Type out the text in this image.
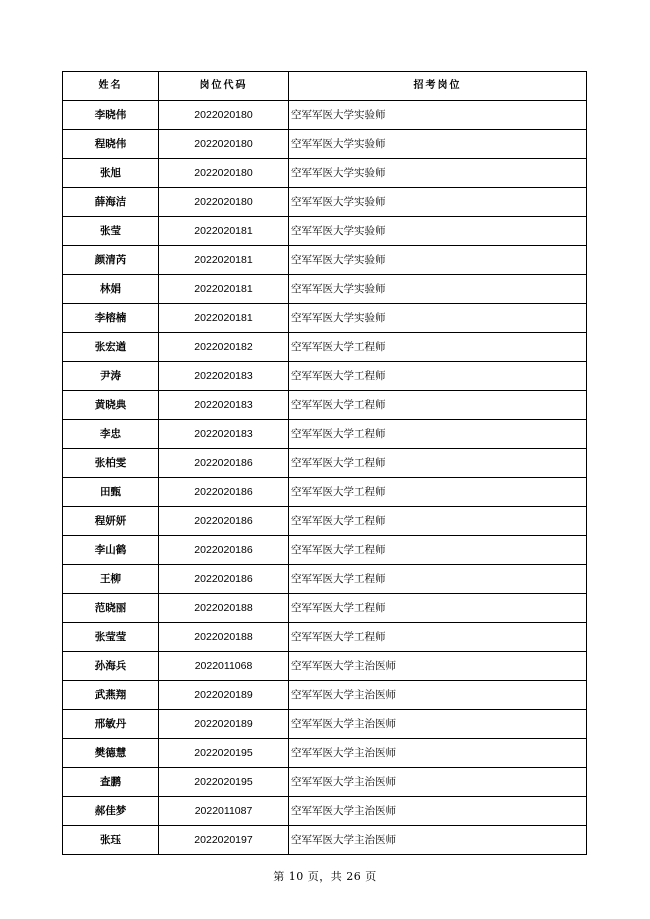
姓名	岗位代码	招考岗位
李晓伟	2022020180	空军军医大学实验师
程晓伟	2022020180	空军军医大学实验师
张旭	2022020180	空军军医大学实验师
薛海洁	2022020180	空军军医大学实验师
张莹	2022020181	空军军医大学实验师
颜清芮	2022020181	空军军医大学实验师
林娟	2022020181	空军军医大学实验师
李榕楠	2022020181	空军军医大学实验师
张宏遒	2022020182	空军军医大学工程师
尹涛	2022020183	空军军医大学工程师
黄晓典	2022020183	空军军医大学工程师
李忠	2022020183	空军军医大学工程师
张柏雯	2022020186	空军军医大学工程师
田甄	2022020186	空军军医大学工程师
程妍妍	2022020186	空军军医大学工程师
李山鹤	2022020186	空军军医大学工程师
王柳	2022020186	空军军医大学工程师
范晓丽	2022020188	空军军医大学工程师
张莹莹	2022020188	空军军医大学工程师
孙海兵	2022011068	空军军医大学主治医师
武燕翔	2022020189	空军军医大学主治医师
邢敏丹	2022020189	空军军医大学主治医师
樊德慧	2022020195	空军军医大学主治医师
查鹏	2022020195	空军军医大学主治医师
郝佳梦	2022011087	空军军医大学主治医师
张珏	2022020197	空军军医大学主治医师
第 10 页，共 26 页
